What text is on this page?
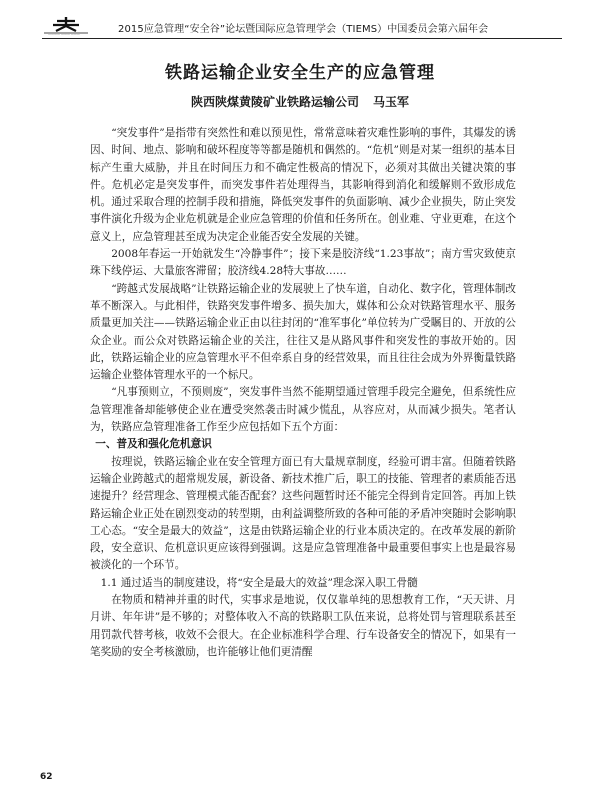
———— ——— ———	2015应急管理“安全谷”论坛暨国际应急管理学会（TIEMS）中国委员会第六届年会
铁路运输企业安全生产的应急管理
陕西陕煤黄陵矿业铁路运输公司 马玉军

“突发事件”是指带有突然性和难以预见性，常常意味着灾难性影响的事件，其爆发的诱因、时间、地点、影响和破坏程度等等都是随机和偶然的。“危机”则是对某一组织的基本目标产生重大威胁，并且在时间压力和不确定性极高的情况下，必须对其做出关键决策的事件。危机必定是突发事件，而突发事件若处理得当，其影响得到消化和缓解则不致形成危机。通过采取合理的控制手段和措施，降低突发事件的负面影响、减少企业损失，防止突发事件演化升级为企业危机就是企业应急管理的价值和任务所在。创业难、守业更难，在这个意义上，应急管理甚至成为决定企业能否安全发展的关键。

2008年春运一开始就发生“冷静事件”；接下来是胶济线“1.23事故”；南方雪灾致使京珠下线停运、大量旅客滞留；胶济线4.28特大事故……

“跨越式发展战略”让铁路运输企业的发展驶上了快车道，自动化、数字化，管理体制改革不断深入。与此相伴，铁路突发事件增多、损失加大，媒体和公众对铁路管理水平、服务质量更加关注——铁路运输企业正由以往封闭的“准军事化”单位转为广受瞩目的、开放的公众企业。而公众对铁路运输企业的关注，往往又是从路风事件和突发性的事故开始的。因此，铁路运输企业的应急管理水平不但牵系自身的经营效果，而且往往会成为外界衡量铁路运输企业整体管理水平的一个标尺。

“凡事预则立，不预则废”，突发事件当然不能期望通过管理手段完全避免，但系统性应急管理准备却能够使企业在遭受突然袭击时减少慌乱，从容应对，从而减少损失。笔者认为，铁路应急管理准备工作至少应包括如下五个方面：

一、普及和强化危机意识

按理说，铁路运输企业在安全管理方面已有大量规章制度，经验可谓丰富。但随着铁路运输企业跨越式的超常规发展，新设备、新技术推广后，职工的技能、管理者的素质能否迅速提升？经营理念、管理模式能否配套？这些问题暂时还不能完全得到肯定回答。再加上铁路运输企业正处在剧烈变动的转型期，由利益调整所致的各种可能的矛盾冲突随时会影响职工心态。“安全是最大的效益”，这是由铁路运输企业的行业本质决定的。在改革发展的新阶段，安全意识、危机意识更应该得到强调。这是应急管理准备中最重要但事实上也是最容易被淡化的一个环节。

1.1 通过适当的制度建设，将“安全是最大的效益”理念深入职工骨髓

在物质和精神并重的时代，实事求是地说，仅仅靠单纯的思想教育工作，“天天讲、月月讲、年年讲”是不够的；对整体收入不高的铁路职工队伍来说，总将处罚与管理联系甚至用罚款代替考核，收效不会很大。在企业标准科学合理、行车设备安全的情况下，如果有一笔奖励的安全考核激励，也许能够让他们更清醒

62
